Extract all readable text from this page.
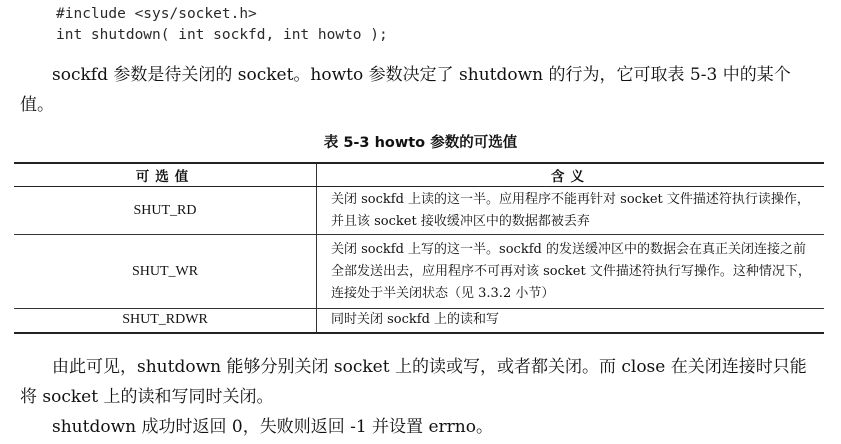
#include <sys/socket.h>
int shutdown( int sockfd, int howto );
sockfd 参数是待关闭的 socket。howto 参数决定了 shutdown 的行为，它可取表 5-3 中的某个值。
表 5-3 howto 参数的可选值
可选值	含义
SHUT_RD	关闭 sockfd 上读的这一半。应用程序不能再针对 socket 文件描述符执行读操作，并且该 socket 接收缓冲区中的数据都被丢弃
SHUT_WR	关闭 sockfd 上写的这一半。sockfd 的发送缓冲区中的数据会在真正关闭连接之前全部发送出去，应用程序不可再对该 socket 文件描述符执行写操作。这种情况下，连接处于半关闭状态（见 3.3.2 小节）
SHUT_RDWR	同时关闭 sockfd 上的读和写
由此可见，shutdown 能够分别关闭 socket 上的读或写，或者都关闭。而 close 在关闭连接时只能将 socket 上的读和写同时关闭。
shutdown 成功时返回 0，失败则返回 -1 并设置 errno。
